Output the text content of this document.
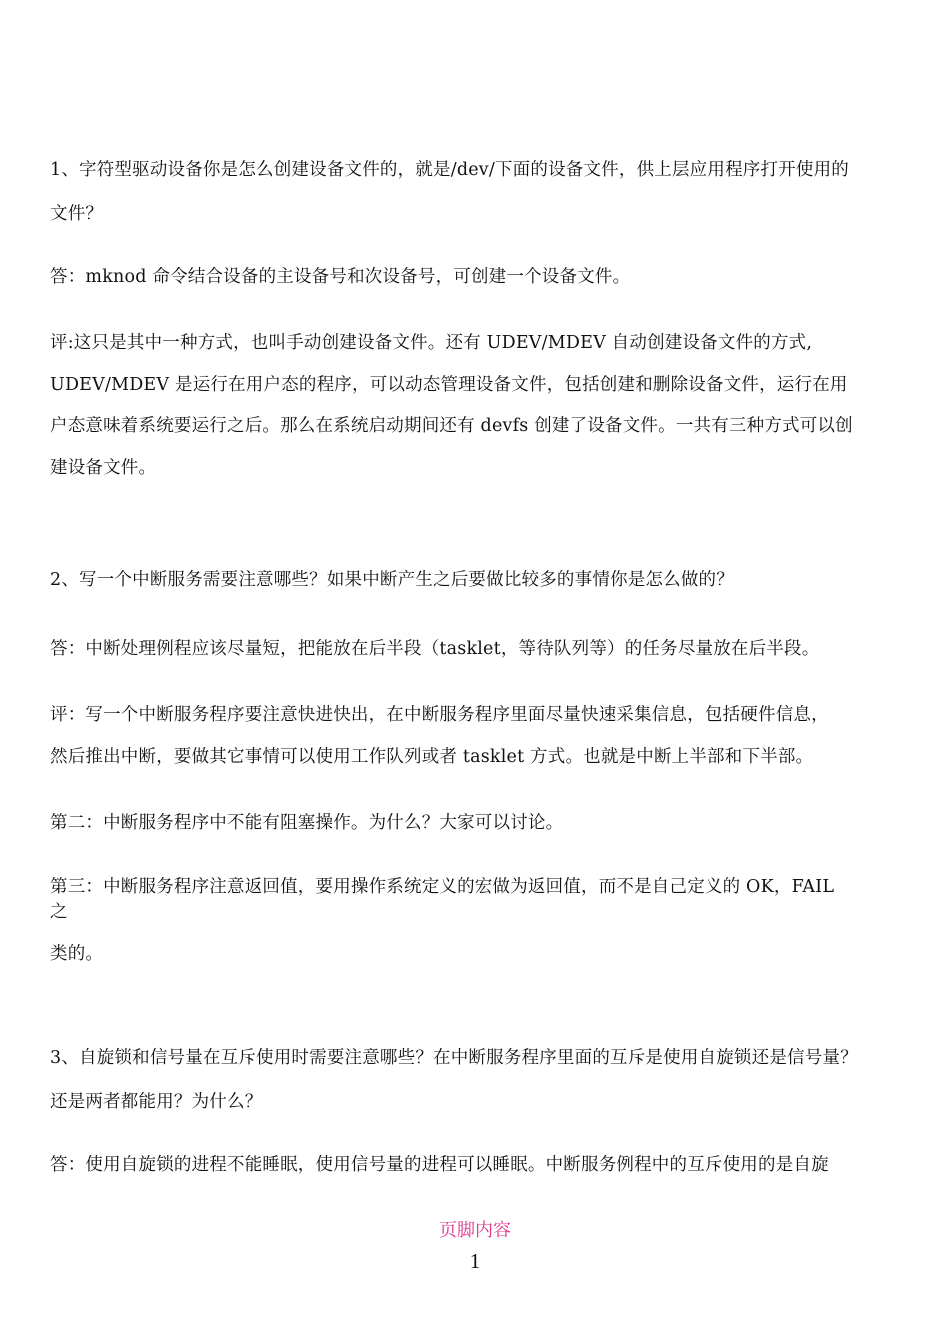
1、字符型驱动设备你是怎么创建设备文件的，就是/dev/下面的设备文件，供上层应用程序打开使用的
文件？
答：mknod 命令结合设备的主设备号和次设备号，可创建一个设备文件。
评:这只是其中一种方式，也叫手动创建设备文件。还有 UDEV/MDEV 自动创建设备文件的方式,
UDEV/MDEV 是运行在用户态的程序，可以动态管理设备文件，包括创建和删除设备文件，运行在用
户态意味着系统要运行之后。那么在系统启动期间还有 devfs 创建了设备文件。一共有三种方式可以创
建设备文件。
2、写一个中断服务需要注意哪些？如果中断产生之后要做比较多的事情你是怎么做的？
答：中断处理例程应该尽量短，把能放在后半段（tasklet，等待队列等）的任务尽量放在后半段。
评：写一个中断服务程序要注意快进快出，在中断服务程序里面尽量快速采集信息，包括硬件信息，
然后推出中断，要做其它事情可以使用工作队列或者 tasklet 方式。也就是中断上半部和下半部。
第二：中断服务程序中不能有阻塞操作。为什么？大家可以讨论。
第三：中断服务程序注意返回值，要用操作系统定义的宏做为返回值，而不是自己定义的 OK，FAIL
之
类的。
3、自旋锁和信号量在互斥使用时需要注意哪些？在中断服务程序里面的互斥是使用自旋锁还是信号量？
还是两者都能用？为什么？
答：使用自旋锁的进程不能睡眠，使用信号量的进程可以睡眠。中断服务例程中的互斥使用的是自旋
页脚内容
1
